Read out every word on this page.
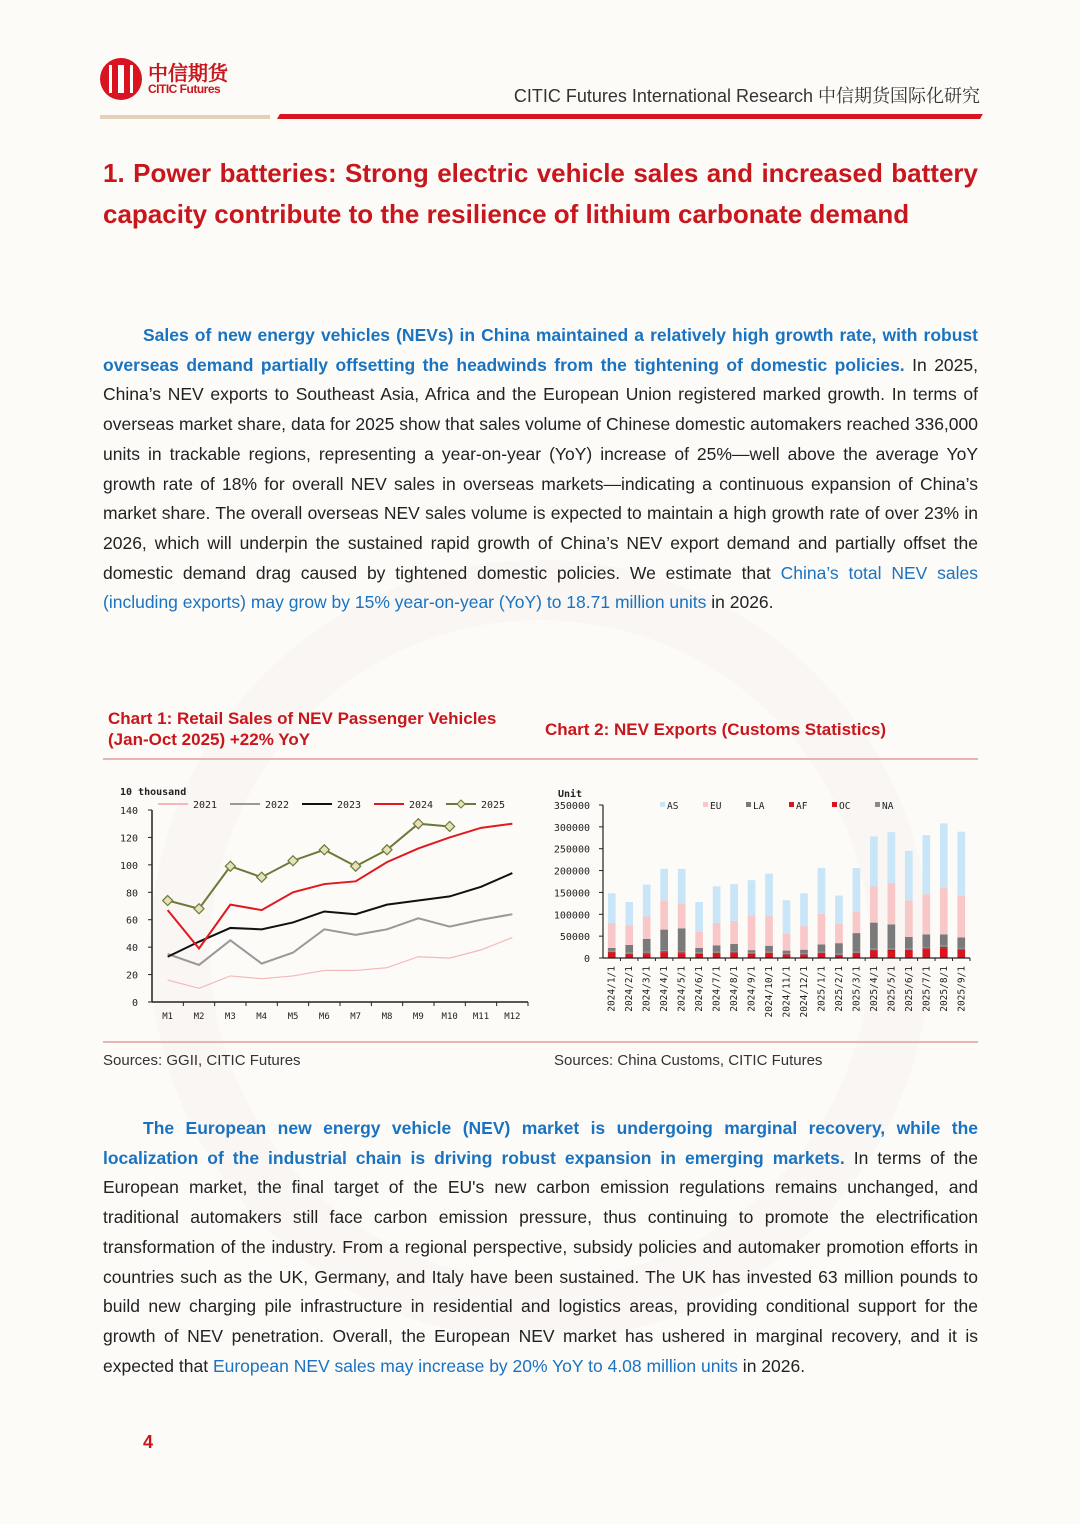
中信期货
CITIC Futures	CITIC Futures International Research 中信期货国际化研究
1. Power batteries: Strong electric vehicle sales and increased battery capacity contribute to the resilience of lithium carbonate demand

Sales of new energy vehicles (NEVs) in China maintained a relatively high growth rate, with robust overseas demand partially offsetting the headwinds from the tightening of domestic policies. In 2025, China’s NEV exports to Southeast Asia, Africa and the European Union registered marked growth. In terms of overseas market share, data for 2025 show that sales volume of Chinese domestic automakers reached 336,000 units in trackable regions, representing a year-on-year (YoY) increase of 25%—well above the average YoY growth rate of 18% for overall NEV sales in overseas markets—indicating a continuous expansion of China’s market share. The overall overseas NEV sales volume is expected to maintain a high growth rate of over 23% in 2026, which will underpin the sustained rapid growth of China’s NEV export demand and partially offset the domestic demand drag caused by tightened domestic policies. We estimate that China’s total NEV sales (including exports) may grow by 15% year-on-year (YoY) to 18.71 million units in 2026.

Chart 1: Retail Sales of NEV Passenger Vehicles (Jan-Oct 2025) +22% YoY
Chart 2: NEV Exports (Customs Statistics)
10 thousand
2021	2022	2023	2024	2025
0
20
40
60
80
100
120
140
M1 M2 M3 M4 M5 M6 M7 M8 M9 M10 M11 M12
Unit
AS	EU	LA	AF	OC	NA
0
50000
100000
150000
200000
250000
300000
350000
2024/1/1 2024/2/1 2024/3/1 2024/4/1 2024/5/1 2024/6/1 2024/7/1 2024/8/1 2024/9/1 2024/10/1 2024/11/1 2024/12/1 2025/1/1 2025/2/1 2025/3/1 2025/4/1 2025/5/1 2025/6/1 2025/7/1 2025/8/1 2025/9/1
Sources: GGII, CITIC Futures	Sources: China Customs, CITIC Futures

The European new energy vehicle (NEV) market is undergoing marginal recovery, while the localization of the industrial chain is driving robust expansion in emerging markets. In terms of the European market, the final target of the EU's new carbon emission regulations remains unchanged, and traditional automakers still face carbon emission pressure, thus continuing to promote the electrification transformation of the industry. From a regional perspective, subsidy policies and automaker promotion efforts in countries such as the UK, Germany, and Italy have been sustained. The UK has invested 63 million pounds to build new charging pile infrastructure in residential and logistics areas, providing conditional support for the growth of NEV penetration. Overall, the European NEV market has ushered in marginal recovery, and it is expected that European NEV sales may increase by 20% YoY to 4.08 million units in 2026.

4
